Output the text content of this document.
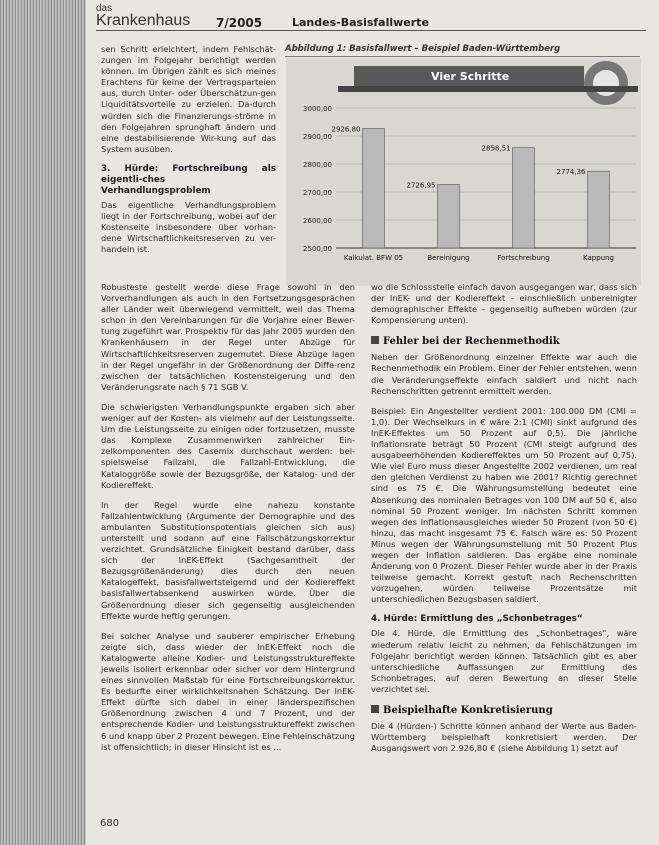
das
Krankenhaus 7/2005	Landes-Basisfallwerte

sen Schritt erleichtert, indem Fehlschät-zungen im Folgejahr berichtigt werden können. Im Übrigen zählt es sich meines Erachtens für keine der Vertragsparteien aus, durch Unter- oder Überschätzun-gen Liquiditätsvorteile zu erzielen. Da-durch würden sich die Finanzierungs-ströme in den Folgejahren sprunghaft ändern und eine destabilisierende Wir-kung auf das System ausüben.

3. Hürde: Fortschreibung als eigentli-ches Verhandlungsproblem

Das eigentliche Verhandlungsproblem liegt in der Fortschreibung, wobei auf der Kostenseite insbesondere über vorhan-dene Wirtschaftlichkeitsreserven zu ver-handeln ist.

Abbildung 1: Basisfallwert – Beispiel Baden-Württemberg
Vier Schritte
3000,00
2900,00
2800,00
2700,00
2600,00
2500,00
2926,80
Kalkulat. BFW 05
2726,95
Bereinigung
2858,51
Fortschreibung
2774,36
Kappung

Robusteste gestellt werde diese Frage sowohl in den Vorverhandlungen als auch in den Fortsetzungsgesprächen aller Länder weit überwiegend vermittelt, weil das Thema schon in den Vereinbarungen für die Vorjahre einer Bewer-tung zugeführt war. Prospektiv für das Jahr 2005 wurden den Krankenhäusern in der Regel unter Abzüge für Wirtschaftlichkeitsreserven zugemutet. Diese Abzüge lagen in der Regel ungefähr in der Größenordnung der Diffe-renz zwischen der tatsächlichen Kostensteigerung und den Veränderungsrate nach § 71 SGB V.

Die schwierigsten Verhandlungspunkte ergaben sich aber weniger auf der Kosten- als vielmehr auf der Leistungsseite. Um die Leistungsseite zu einigen oder fortzusetzen, musste das Komplexe Zusammenwirken zahlreicher Ein-zelkomponenten des Casemix durchschaut werden: bei-spielsweise Fallzahl, die Fallzahl-Entwicklung, die Kataloggröße sowie der Bezugsgröße, der Katalog- und der Kodiereffekt.

In der Regel wurde eine nahezu konstante Fallzahlentwicklung (Argumente der Demographie und des ambulanten Substitutionspotentials gleichen sich aus) unterstellt und sodann auf eine Fallschätzungskorrektur verzichtet. Grundsätzliche Einigkeit bestand darüber, dass sich der InEK-Effekt (Sachgesamtheit der Bezugsgrößenänderung) dies durch den neuen Katalogeffekt, basisfallwertsteigernd und der Kodiereffekt basisfallwertabsenkend auswirken würde. Über die Größenordnung dieser sich gegenseitig ausgleichenden Effekte wurde heftig gerungen.

Bei solcher Analyse und sauberer empirischer Erhebung zeigte sich, dass wieder der InEK-Effekt noch die Katalogwerte alleine Kodier- und Leistungsstruktureffekte jeweils isoliert erkennbar oder sicher vor dem Hintergrund eines sinnvollen Maßstab für eine Fortschreibungskorrektur. Es bedurfte einer wirklichkeitsnahen Schätzung. Der InEK-Effekt dürfte sich dabei in einer länderspezifischen Größenordnung zwischen 4 und 7 Prozent, und der entsprechende Kodier- und Leistungsstruktureffekt zwischen 6 und knapp über 2 Prozent bewegen. Eine Fehleinschätzung ist offensichtlich; in dieser Hinsicht ist es ...

wo die Schlossstelle einfach davon ausgegangen war, dass sich der InEK- und der Kodiereffekt – einschließlich unbereinigter demographischer Effekte – gegenseitig aufheben würden (zur Kompensierung unten).

Fehler bei der Rechenmethodik

Neben der Größenordnung einzelner Effekte war auch die Rechenmethodik ein Problem. Einer der Fehler entstehen, wenn die Veränderungseffekte einfach saldiert und nicht nach Rechenschritten getrennt ermittelt werden.

Beispiel: Ein Angestellter verdient 2001: 100.000 DM (CMI = 1,0). Der Wechselkurs in € wäre 2:1 (CMI) sinkt aufgrund des InEK-Effektes um 50 Prozent auf 0,5). Die jährliche Inflationsrate beträgt 50 Prozent (CMI steigt aufgrund des ausgabeerhöhenden Kodiereffektes um 50 Prozent auf 0,75). Wie viel Euro muss dieser Angestellte 2002 verdienen, um real den gleichen Verdienst zu haben wie 2001? Richtig gerechnet sind es 75 €. Die Währungsumstellung bedeutet eine Absenkung des nominalen Betrages von 100 DM auf 50 €, also nominal 50 Prozent weniger. Im nächsten Schritt kommen wegen des Inflationsausgleiches wieder 50 Prozent (von 50 €) hinzu, das macht insgesamt 75 €. Falsch wäre es: 50 Prozent Minus wegen der Währungsumstellung mit 50 Prozent Plus wegen der Inflation saldieren. Das ergäbe eine nominale Änderung von 0 Prozent. Dieser Fehler wurde aber in der Praxis teilweise gemacht. Korrekt gestuft nach Rechenschritten vorzugehen, würden teilweise Prozentsätze mit unterschiedlichen Bezugsbasen saldiert.

4. Hürde: Ermittlung des „Schonbetrages“

Die 4. Hürde, die Ermittlung des „Schonbetrages“, wäre wiederum relativ leicht zu nehmen, da Fehlschätzungen im Folgejahr berichtigt werden können. Tatsächlich gibt es aber unterschiedliche Auffassungen zur Ermittlung des Schonbetrages, auf deren Bewertung an dieser Stelle verzichtet sei.

Beispielhafte Konkretisierung

Die 4 (Hürden-) Schritte können anhand der Werte aus Baden-Württemberg beispielhaft konkretisiert werden. Der Ausgangswert von 2.926,80 € (siehe Abbildung 1) setzt auf

680
